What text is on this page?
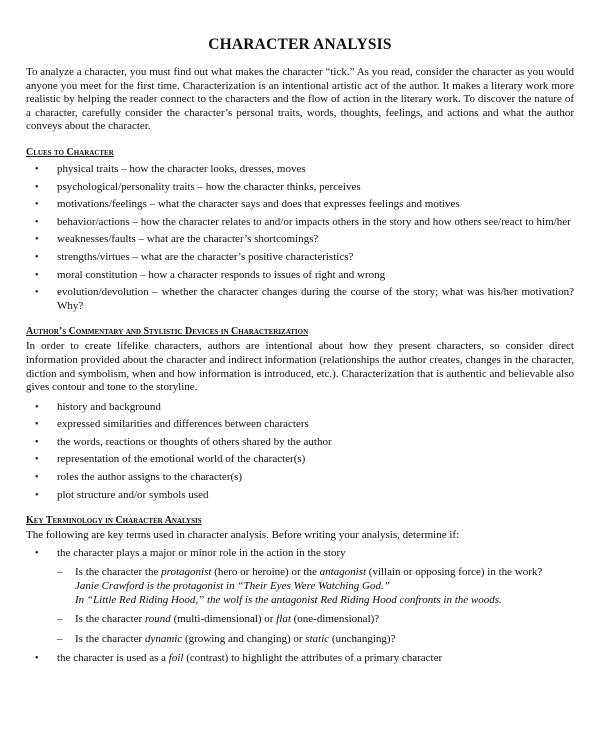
CHARACTER ANALYSIS

To analyze a character, you must find out what makes the character “tick.” As you read, consider the character as you would anyone you meet for the first time. Characterization is an intentional artistic act of the author. It makes a literary work more realistic by helping the reader connect to the characters and the flow of action in the literary work. To discover the nature of a character, carefully consider the character’s personal traits, words, thoughts, feelings, and actions and what the author conveys about the character.

Clues to Character
• physical traits – how the character looks, dresses, moves
• psychological/personality traits – how the character thinks, perceives
• motivations/feelings – what the character says and does that expresses feelings and motives
• behavior/actions – how the character relates to and/or impacts others in the story and how others see/react to him/her
• weaknesses/faults – what are the character’s shortcomings?
• strengths/virtues – what are the character’s positive characteristics?
• moral constitution – how a character responds to issues of right and wrong
• evolution/devolution – whether the character changes during the course of the story; what was his/her motivation? Why?
Author’s Commentary and Stylistic Devices in Characterization

In order to create lifelike characters, authors are intentional about how they present characters, so consider direct information provided about the character and indirect information (relationships the author creates, changes in the character, diction and symbolism, when and how information is introduced, etc.). Characterization that is authentic and believable also gives contour and tone to the storyline.

• history and background
• expressed similarities and differences between characters
• the words, reactions or thoughts of others shared by the author
• representation of the emotional world of the character(s)
• roles the author assigns to the character(s)
• plot structure and/or symbols used
Key Terminology in Character Analysis

The following are key terms used in character analysis. Before writing your analysis, determine if:

• the character plays a major or minor role in the action in the story
– Is the character the protagonist (hero or heroine) or the antagonist (villain or opposing force) in the work?
Janie Crawford is the protagonist in “Their Eyes Were Watching God.”
In “Little Red Riding Hood,” the wolf is the antagonist Red Riding Hood confronts in the woods.
– Is the character round (multi-dimensional) or flat (one-dimensional)?
– Is the character dynamic (growing and changing) or static (unchanging)?
• the character is used as a foil (contrast) to highlight the attributes of a primary character
